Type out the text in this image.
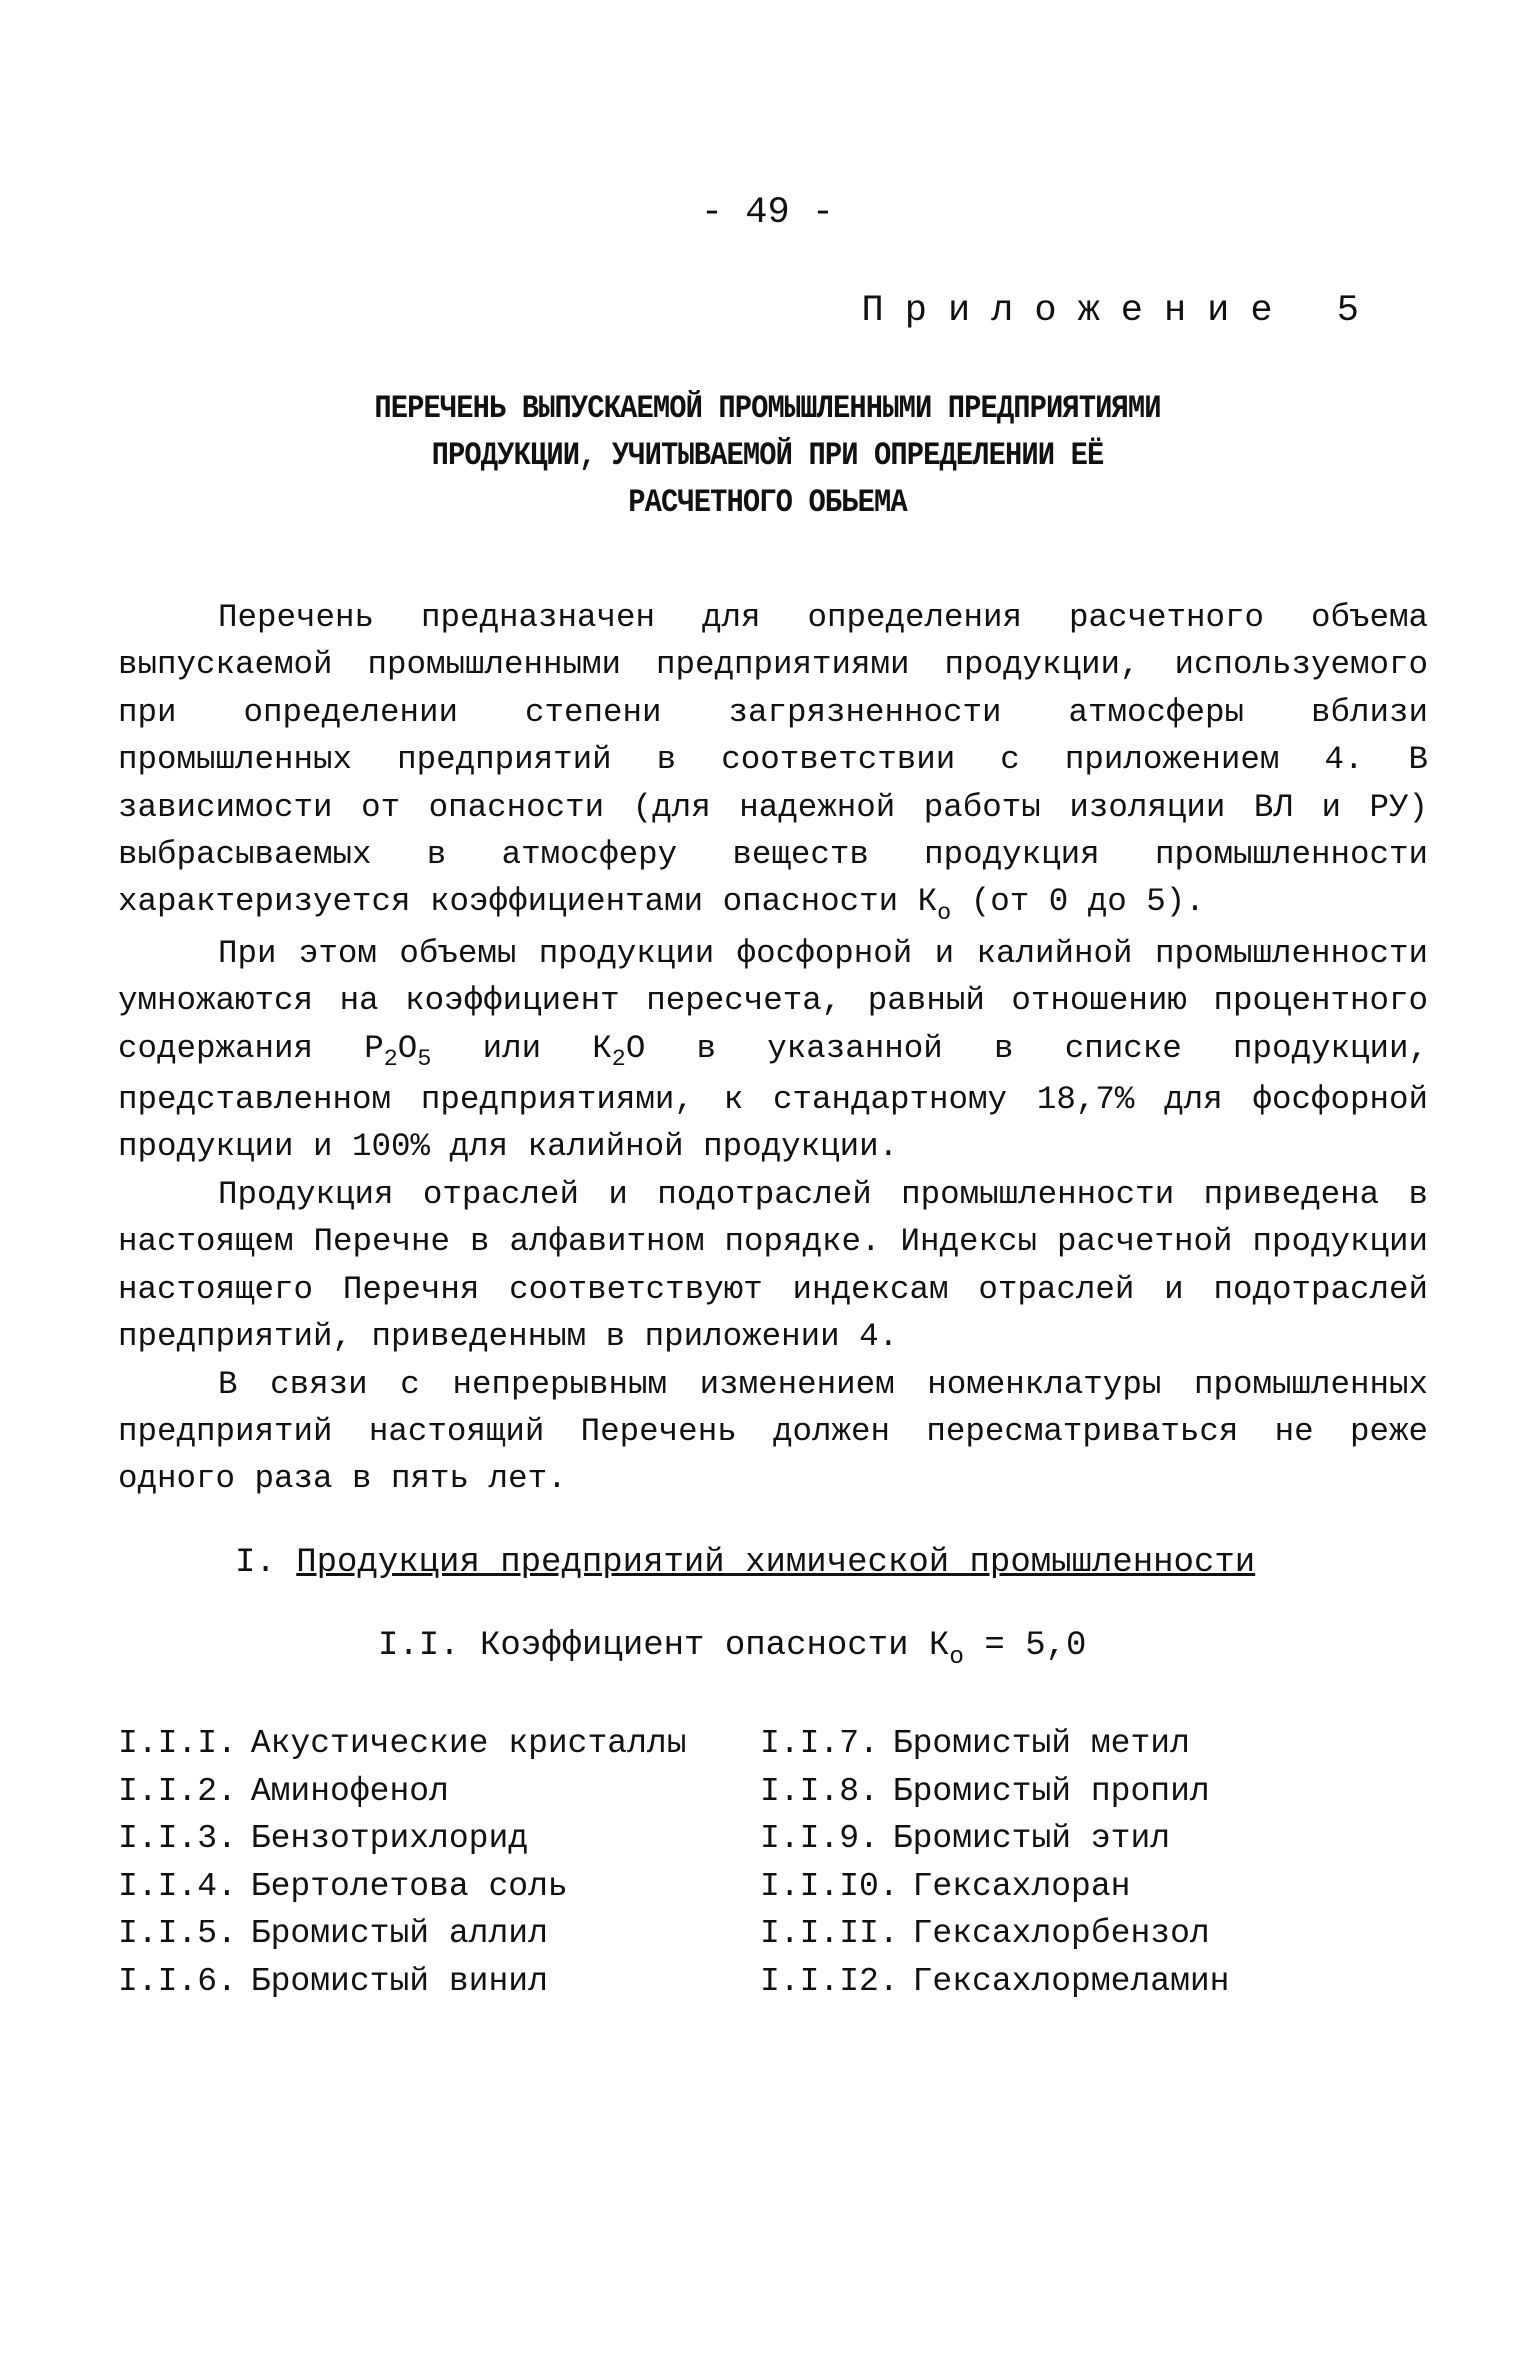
- 49 -
Приложение 5
ПЕРЕЧЕНЬ ВЫПУСКАЕМОЙ ПРОМЫШЛЕННЫМИ ПРЕДПРИЯТИЯМИ
ПРОДУКЦИИ, УЧИТЫВАЕМОЙ ПРИ ОПРЕДЕЛЕНИИ ЕЁ
РАСЧЕТНОГО ОБЬЕМА

Перечень предназначен для определения расчетного объема выпускаемой промышленными предприятиями продукции, используемого при определении степени загрязненности атмосферы вблизи промышленных предприятий в соответствии с приложением 4. В зависимости от опасности (для надежной работы изоляции ВЛ и РУ) выбрасываемых в атмосферу веществ продукция промышленности характеризуется коэффициентами опасности $К_о$ (от 0 до 5).

При этом объемы продукции фосфорной и калийной промышленности умножаются на коэффициент пересчета, равный отношению процентного содержания $Р_2О_5$ или $К_2О$ в указанной в списке продукции, представленном предприятиями, к стандартному 18,7% для фосфорной продукции и 100% для калийной продукции.

Продукция отраслей и подотраслей промышленности приведена в настоящем Перечне в алфавитном порядке. Индексы расчетной продукции настоящего Перечня соответствуют индексам отраслей и подотраслей предприятий, приведенным в приложении 4.

В связи с непрерывным изменением номенклатуры промышленных предприятий настоящий Перечень должен пересматриваться не реже одного раза в пять лет.

I. Продукция предприятий химической промышленности
I.I. Коэффициент опасности $К_о = 5,0$
I.I.I. Акустические кристаллы
I.I.2. Аминофенол
I.I.3. Бензотрихлорид
I.I.4. Бертолетова соль
I.I.5. Бромистый аллил
I.I.6. Бромистый винил
I.I.7. Бромистый метил
I.I.8. Бромистый пропил
I.I.9. Бромистый этил
I.I.I0. Гексахлоран
I.I.II. Гексахлорбензол
I.I.I2. Гексахлормеламин
